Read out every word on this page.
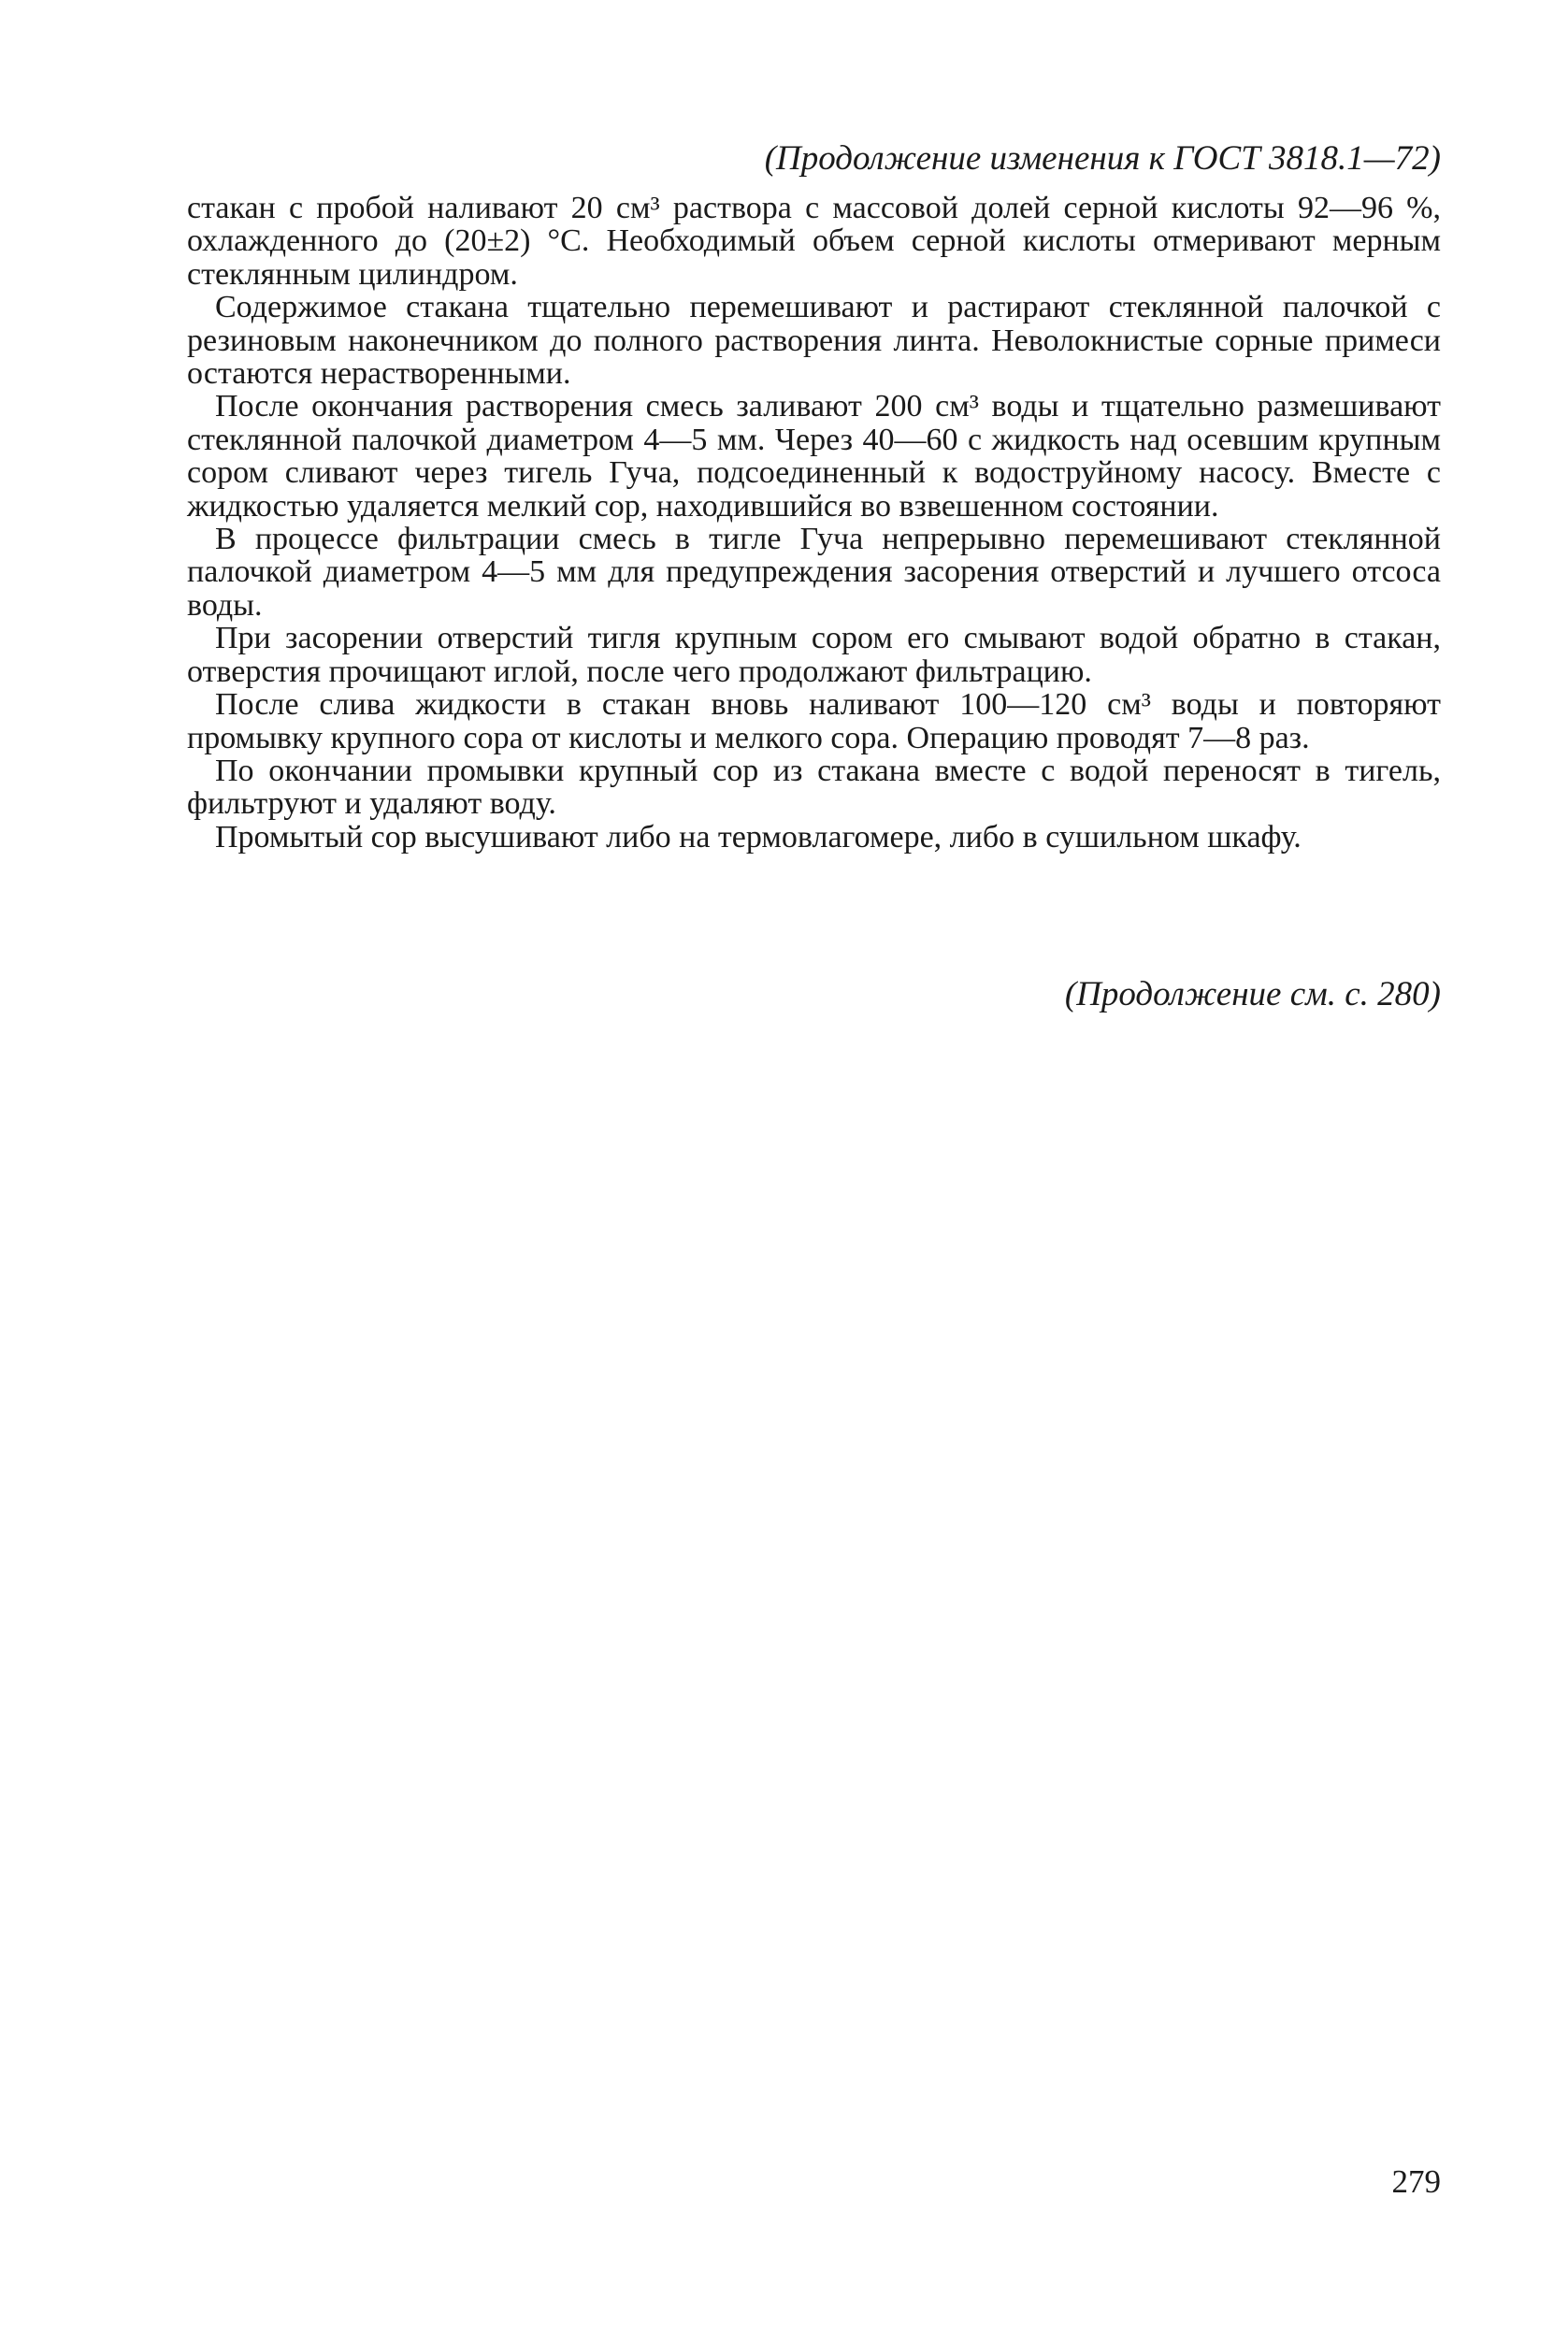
(Продолжение изменения к ГОСТ 3818.1—72)

стакан с пробой наливают 20 см³ раствора с массовой долей серной кислоты 92—96 %, охлажденного до (20±2) °С. Необходимый объем серной кислоты отмеривают мерным стеклянным цилиндром.

Содержимое стакана тщательно перемешивают и растирают стеклянной палочкой с резиновым наконечником до полного растворения линта. Неволокнистые сорные примеси остаются нерастворенными.

После окончания растворения смесь заливают 200 см³ воды и тщательно размешивают стеклянной палочкой диаметром 4—5 мм. Через 40—60 с жидкость над осевшим крупным сором сливают через тигель Гуча, подсоединенный к водоструйному насосу. Вместе с жидкостью удаляется мелкий сор, находившийся во взвешенном состоянии.

В процессе фильтрации смесь в тигле Гуча непрерывно перемешивают стеклянной палочкой диаметром 4—5 мм для предупреждения засорения отверстий и лучшего отсоса воды.

При засорении отверстий тигля крупным сором его смывают водой обратно в стакан, отверстия прочищают иглой, после чего продолжают фильтрацию.

После слива жидкости в стакан вновь наливают 100—120 см³ воды и повторяют промывку крупного сора от кислоты и мелкого сора. Операцию проводят 7—8 раз.

По окончании промывки крупный сор из стакана вместе с водой переносят в тигель, фильтруют и удаляют воду.

Промытый сор высушивают либо на термовлагомере, либо в сушильном шкафу.

(Продолжение см. с. 280)
279
